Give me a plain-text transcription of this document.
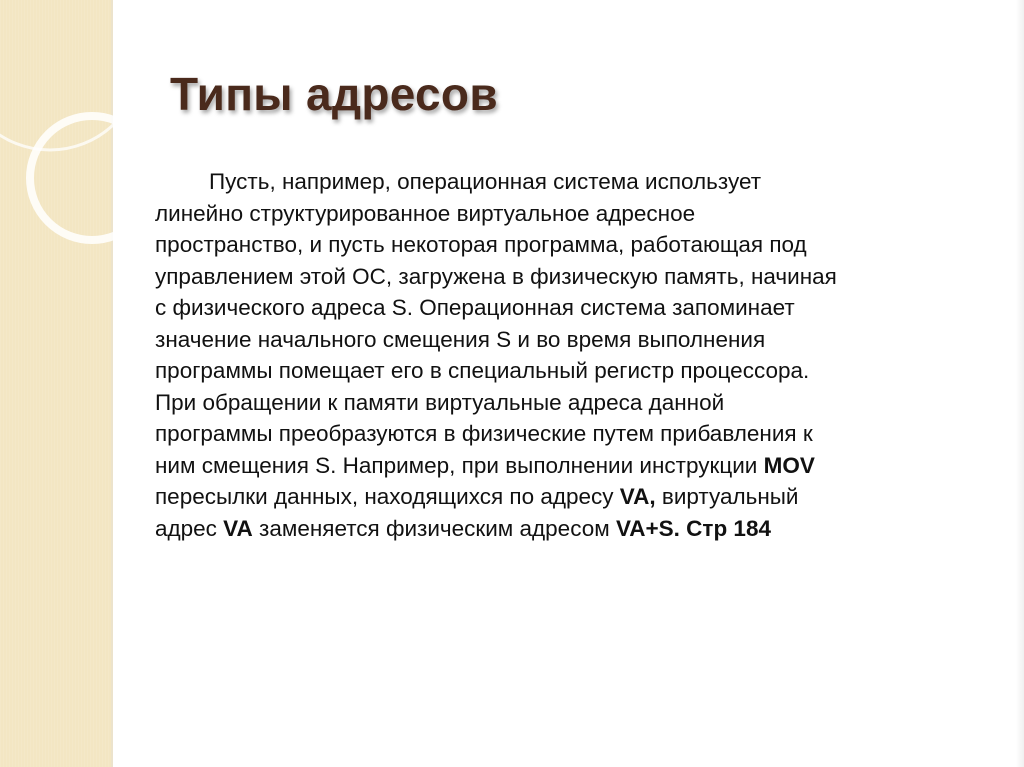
Типы адресов
Пусть, например, операционная система использует
линейно структурированное виртуальное адресное
пространство, и пусть некоторая программа, работающая под
управлением этой ОС, загружена в физическую память, начиная
с физического адреса S. Операционная система запоминает
значение начального смещения S и во время выполнения
программы помещает его в специальный регистр процессора.
При обращении к памяти виртуальные адреса данной
программы преобразуются в физические путем прибавления к
ним смещения S. Например, при выполнении инструкции MOV
пересылки данных, находящихся по адресу VA, виртуальный
адрес VA заменяется физическим адресом VA+S. Стр 184
